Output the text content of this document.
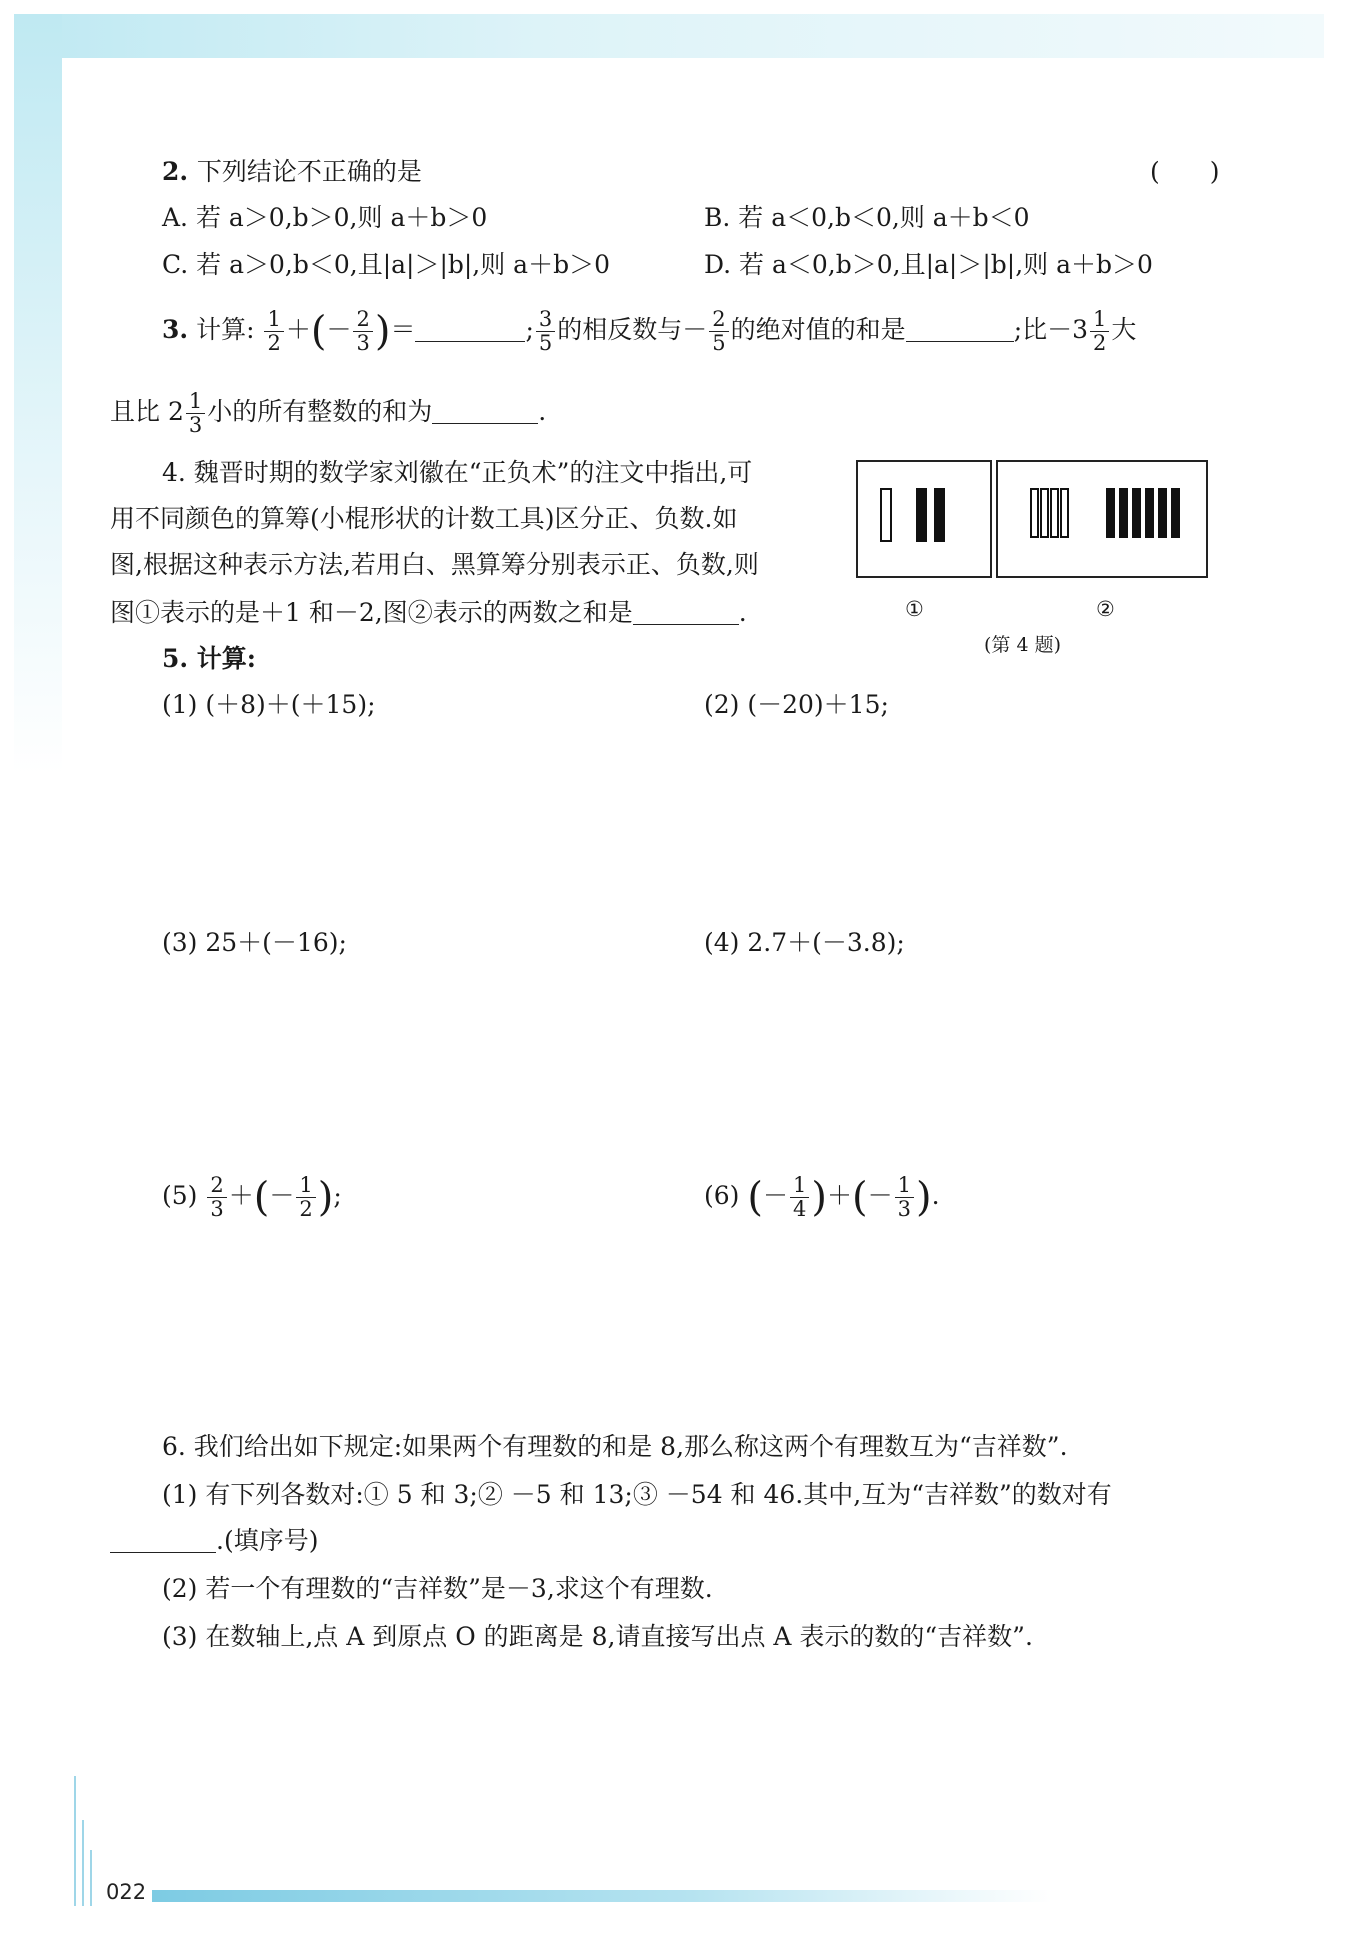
2. 下列结论不正确的是	(　　)
A. 若 a＞0,b＞0,则 a＋b＞0	B. 若 a＜0,b＜0,则 a＋b＜0
C. 若 a＞0,b＜0,且|a|＞|b|,则 a＋b＞0	D. 若 a＜0,b＞0,且|a|＞|b|,则 a＋b＞0
3. 计算: $\frac{1}{2}$ ＋(－ $\frac{2}{3}$ )＝	; $\frac{3}{5}$ 的相反数与－ $\frac{2}{5}$ 的绝对值的和是	;比$-3 \frac{1}{2}$ 大
且比 $2 \frac{1}{3}$ 小的所有整数的和为	.
4. 魏晋时期的数学家刘徽在“正负术”的注文中指出,可
用不同颜色的算筹(小棍形状的计数工具)区分正、负数.如
图,根据这种表示方法,若用白、黑算筹分别表示正、负数,则
图①表示的是＋1 和－2,图②表示的两数之和是	.	①	②
(第 4 题)
5. 计算:
(1) (＋8)＋(＋15);	(2) (－20)＋15;
(3) 25＋(－16);	(4) 2.7＋(－3.8);
$(5) \frac{2}{3}$ ＋(－ $\frac{1}{2}$ );	(6) (－ $\frac{1}{4}$ )＋(－ $\frac{1}{3}$ ).
6. 我们给出如下规定:如果两个有理数的和是 8,那么称这两个有理数互为“吉祥数”.
(1) 有下列各数对:① 5 和 3;② －5 和 13;③ －54 和 46.其中,互为“吉祥数”的数对有
.(填序号)
(2) 若一个有理数的“吉祥数”是－3,求这个有理数.
(3) 在数轴上,点 A 到原点 O 的距离是 8,请直接写出点 A 表示的数的“吉祥数”.
022
